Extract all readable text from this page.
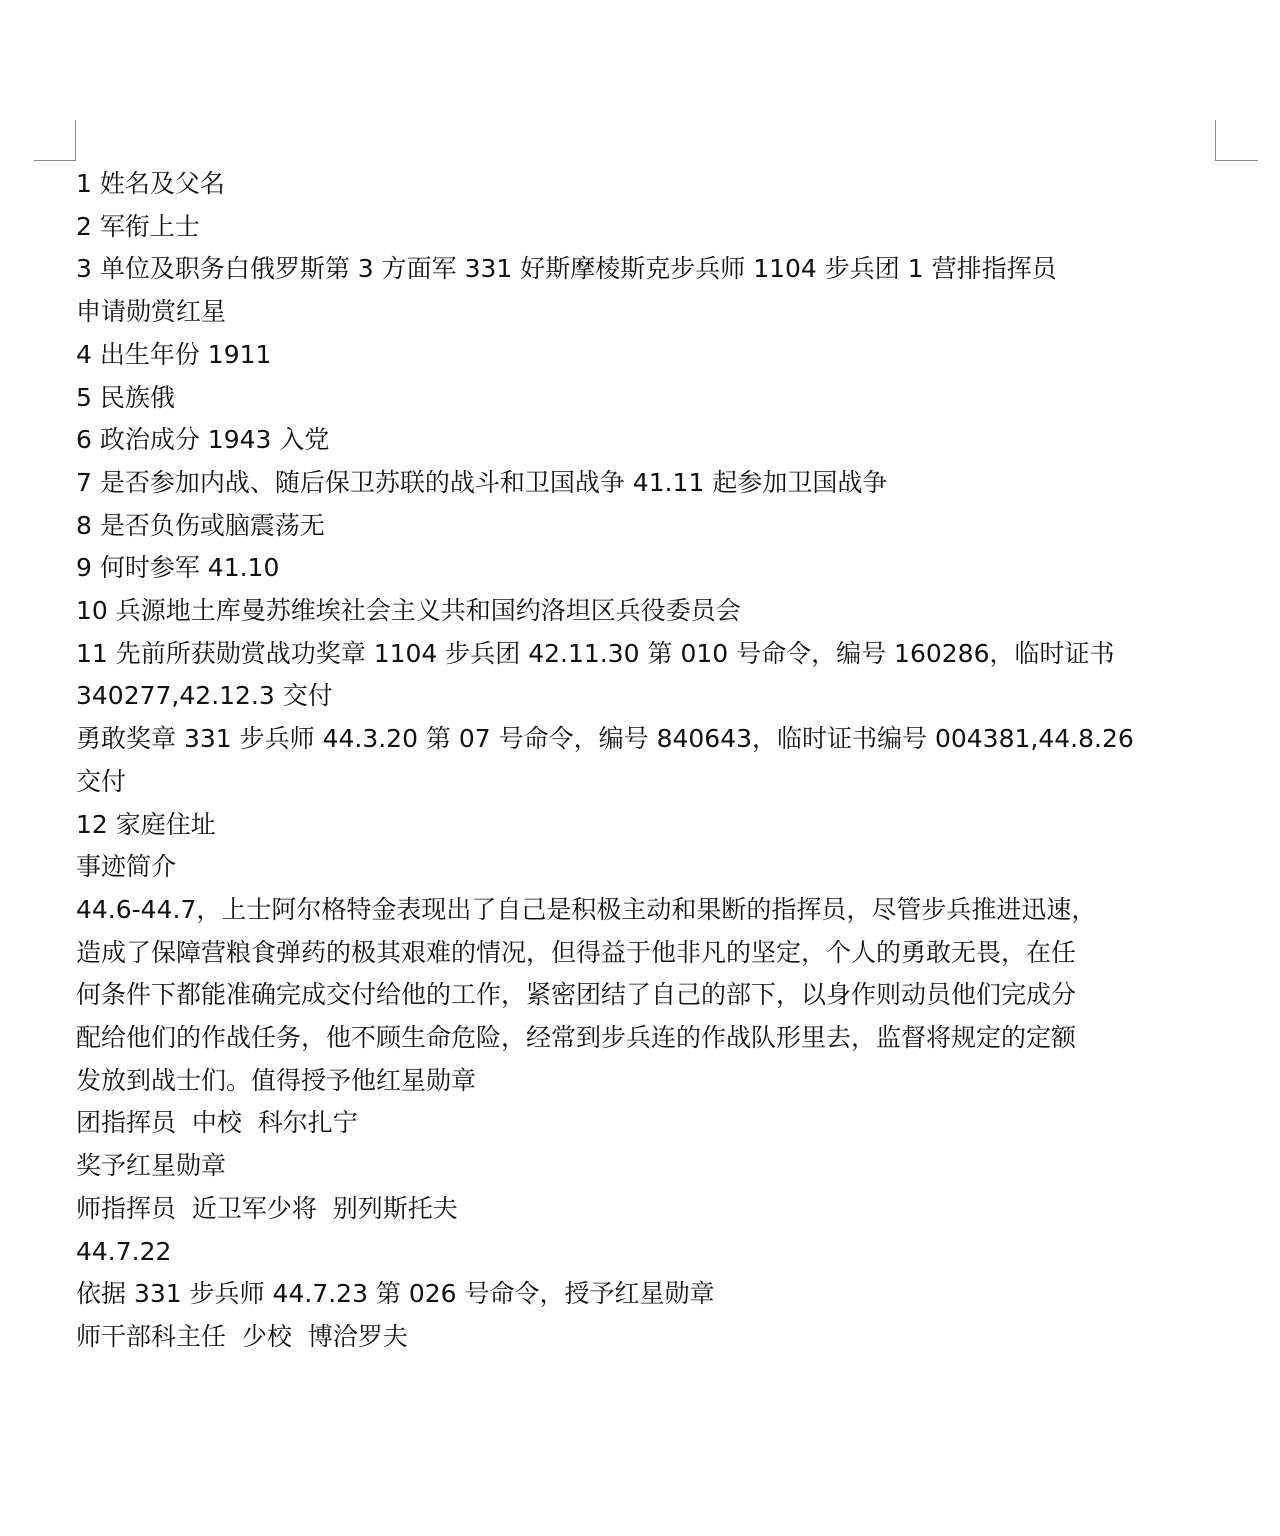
1 姓名及父名

2 军衔上士

3 单位及职务白俄罗斯第 3 方面军 331 好斯摩棱斯克步兵师 1104 步兵团 1 营排指挥员

申请勋赏红星

4 出生年份 1911

5 民族俄

6 政治成分 1943 入党

7 是否参加内战、随后保卫苏联的战斗和卫国战争 41.11 起参加卫国战争

8 是否负伤或脑震荡无

9 何时参军 41.10

10 兵源地土库曼苏维埃社会主义共和国约洛坦区兵役委员会

11 先前所获勋赏战功奖章 1104 步兵团 42.11.30 第 010 号命令，编号 160286，临时证书

340277,42.12.3 交付

勇敢奖章 331 步兵师 44.3.20 第 07 号命令，编号 840643，临时证书编号 004381,44.8.26

交付

12 家庭住址

事迹简介

44.6-44.7，上士阿尔格特金表现出了自己是积极主动和果断的指挥员，尽管步兵推进迅速，

造成了保障营粮食弹药的极其艰难的情况，但得益于他非凡的坚定，个人的勇敢无畏，在任

何条件下都能准确完成交付给他的工作，紧密团结了自己的部下，以身作则动员他们完成分

配给他们的作战任务，他不顾生命危险，经常到步兵连的作战队形里去，监督将规定的定额

发放到战士们。值得授予他红星勋章

团指挥员  中校  科尔扎宁

奖予红星勋章

师指挥员  近卫军少将  别列斯托夫

44.7.22

依据 331 步兵师 44.7.23 第 026 号命令，授予红星勋章

师干部科主任  少校  博洽罗夫
